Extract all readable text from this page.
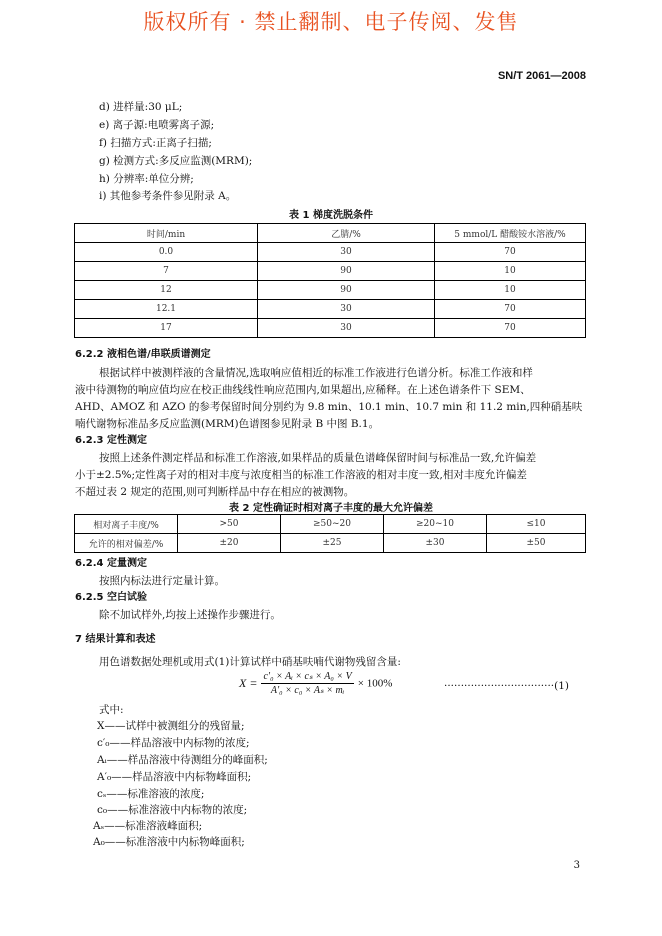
版权所有 · 禁止翻制、电子传阅、发售
SN/T 2061—2008
d) 进样量:30 μL;
e) 离子源:电喷雾离子源;
f) 扫描方式:正离子扫描;
g) 检测方式:多反应监测(MRM);
h) 分辨率:单位分辨;
i) 其他参考条件参见附录 A。
表 1 梯度洗脱条件
时间/min	乙腈/%	5 mmol/L 醋酸铵水溶液/%
0.0	30	70
7	90	10
12	90	10
12.1	30	70
17	30	70
6.2.2 液相色谱/串联质谱测定
根据试样中被测样液的含量情况,选取响应值相近的标准工作液进行色谱分析。标准工作液和样
液中待测物的响应值均应在校正曲线线性响应范围内,如果超出,应稀释。在上述色谱条件下 SEM、
AHD、AMOZ 和 AZO 的参考保留时间分别约为 9.8 min、10.1 min、10.7 min 和 11.2 min,四种硝基呋
喃代谢物标准品多反应监测(MRM)色谱图参见附录 B 中图 B.1。
6.2.3 定性测定
按照上述条件测定样品和标准工作溶液,如果样品的质量色谱峰保留时间与标准品一致,允许偏差
小于±2.5%;定性离子对的相对丰度与浓度相当的标准工作溶液的相对丰度一致,相对丰度允许偏差
不超过表 2 规定的范围,则可判断样品中存在相应的被测物。
表 2 定性确证时相对离子丰度的最大允许偏差
相对离子丰度/%	>50	≥50~20	≥20~10	≤10
允许的相对偏差/%	±20	±25	±30	±50
6.2.4 定量测定
按照内标法进行定量计算。
6.2.5 空白试验
除不加试样外,均按上述操作步骤进行。
7 结果计算和表述
用色谱数据处理机或用式(1)计算试样中硝基呋喃代谢物残留含量:
$X = \frac{\text{c′₀ × Aᵢ × cₛ × A₀ × V}}{\text{A′₀ × c₀ × Aₛ × mᵢ}} \times 100\%$	·································(1)
式中:
X——试样中被测组分的残留量;
c′₀——样品溶液中内标物的浓度;
Aᵢ——样品溶液中待测组分的峰面积;
A′₀——样品溶液中内标物峰面积;
cₛ——标准溶液的浓度;
c₀——标准溶液中内标物的浓度;
Aₛ——标准溶液峰面积;
A₀——标准溶液中内标物峰面积;
3
